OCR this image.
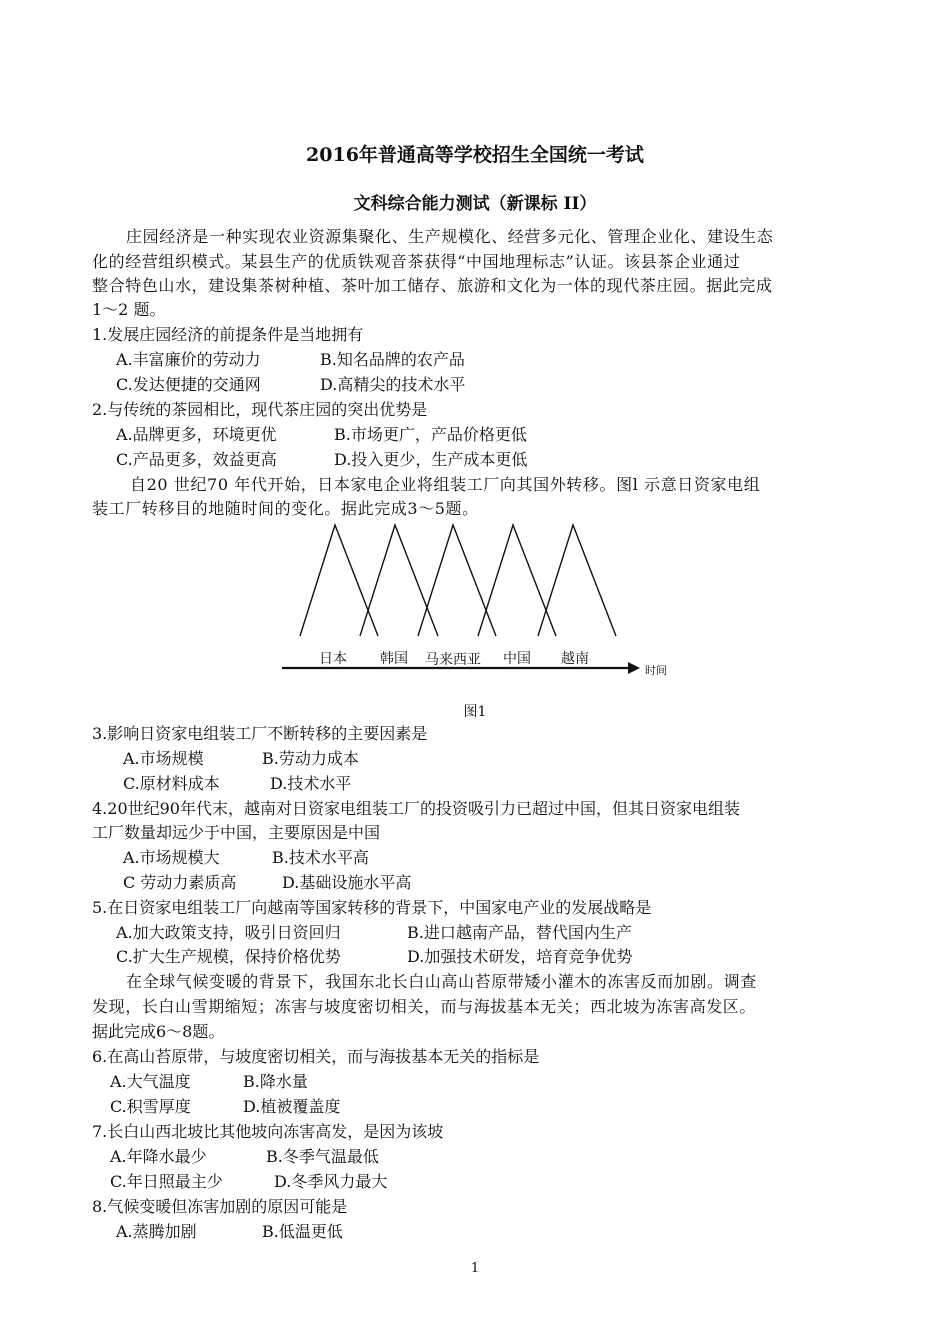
2016年普通高等学校招生全国统一考试
文科综合能力测试（新课标 II）
庄园经济是一种实现农业资源集聚化、生产规模化、经营多元化、管理企业化、建设生态
化的经营组织模式。某县生产的优质铁观音茶获得“中国地理标志”认证。该县茶企业通过
整合特色山水，建设集茶树种植、茶叶加工储存、旅游和文化为一体的现代茶庄园。据此完成
1～2 题。
1.发展庄园经济的前提条件是当地拥有
A.丰富廉价的劳动力	B.知名品牌的农产品
C.发达便捷的交通网	D.高精尖的技术水平
2.与传统的茶园相比，现代茶庄园的突出优势是
A.品牌更多，环境更优	B.市场更广，产品价格更低
C.产品更多，效益更高	D.投入更少，生产成本更低
自20 世纪70 年代开始，日本家电企业将组装工厂向其国外转移。图l 示意日资家电组
装工厂转移目的地随时间的变化。据此完成3～5题。
日本 韩国 马来西亚 中国 越南
时间
图1
3.影响日资家电组装工厂不断转移的主要因素是
A.市场规模	B.劳动力成本
C.原材料成本	D.技术水平
4.20世纪90年代末，越南对日资家电组装工厂的投资吸引力已超过中国，但其日资家电组装
工厂数量却远少于中国，主要原因是中国
A.市场规模大	B.技术水平高
C 劳动力素质高	D.基础设施水平高
5.在日资家电组装工厂向越南等国家转移的背景下，中国家电产业的发展战略是
A.加大政策支持，吸引日资回归	B.进口越南产品，替代国内生产
C.扩大生产规模，保持价格优势	D.加强技术研发，培育竞争优势
在全球气候变暖的背景下，我国东北长白山高山苔原带矮小灌木的冻害反而加剧。调查
发现，长白山雪期缩短；冻害与坡度密切相关，而与海拔基本无关；西北坡为冻害高发区。
据此完成6～8题。
6.在高山苔原带，与坡度密切相关，而与海拔基本无关的指标是
A.大气温度	B.降水量
C.积雪厚度	D.植被覆盖度
7.长白山西北坡比其他坡向冻害高发，是因为该坡
A.年降水最少	B.冬季气温最低
C.年日照最主少	D.冬季风力最大
8.气候变暖但冻害加剧的原因可能是
A.蒸腾加剧	B.低温更低
1
